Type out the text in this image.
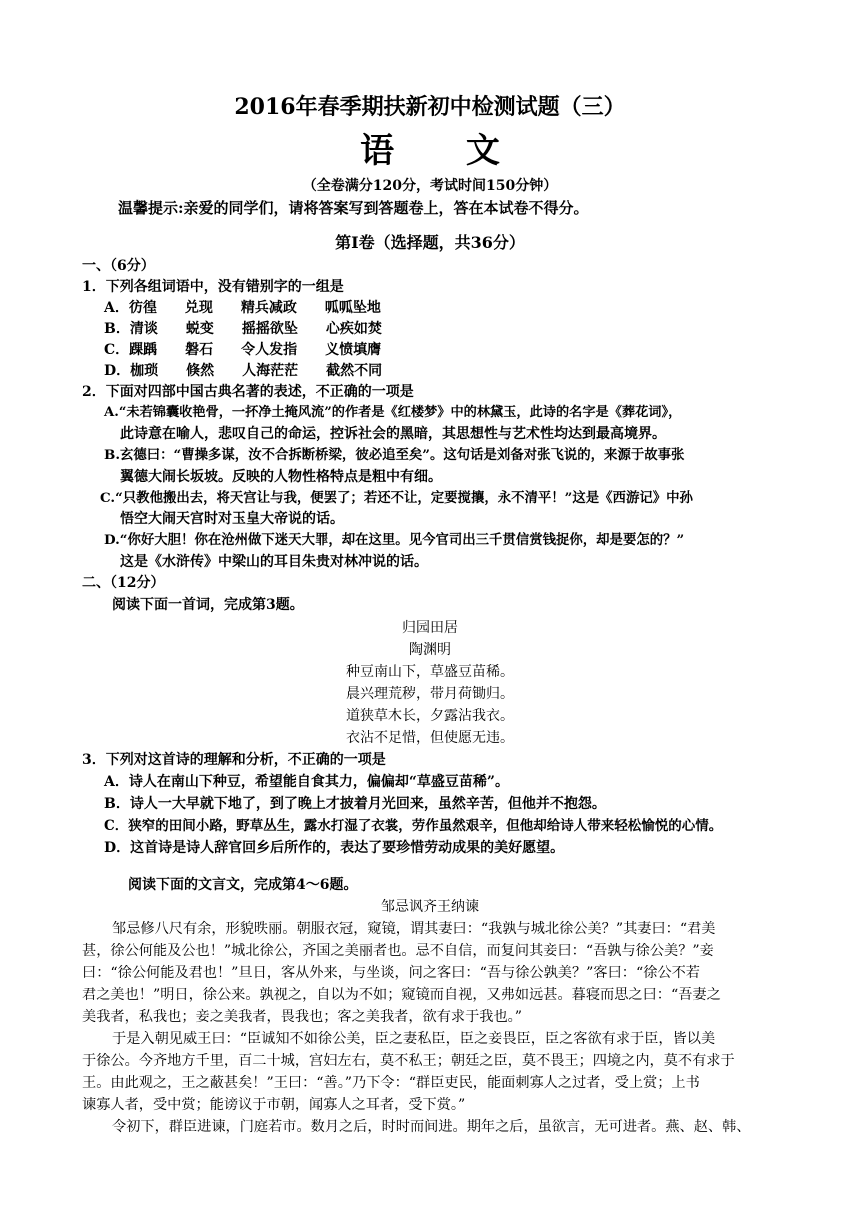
2016年春季期扶新初中检测试题（三）
语 文
（全卷满分120分，考试时间150分钟）
温馨提示:亲爱的同学们，请将答案写到答题卷上，答在本试卷不得分。
第I卷（选择题，共36分）
一、（6分）
1．下列各组词语中，没有错别字的一组是
A．彷徨　　兑现　　精兵减政　　呱呱坠地
B．清谈　　蜕变　　摇摇欲坠　　心疾如焚
C．踝踽　　磐石　　令人发指　　义愤填膺
D．枷琐　　倏然　　人海茫茫　　截然不同
2．下面对四部中国古典名著的表述，不正确的一项是
A.“未若锦囊收艳骨，一抔净土掩风流”的作者是《红楼梦》中的林黛玉，此诗的名字是《葬花词》，
此诗意在喻人，悲叹自己的命运，控诉社会的黑暗，其思想性与艺术性均达到最高境界。
B.玄德曰：“曹操多谋，汝不合拆断桥梁，彼必追至矣”。这句话是刘备对张飞说的，来源于故事张
翼德大闹长坂坡。反映的人物性格特点是粗中有细。
C.“只教他搬出去，将天宫让与我，便罢了；若还不让，定要搅攘，永不清平！”这是《西游记》中孙
悟空大闹天宫时对玉皇大帝说的话。
D.“你好大胆！你在沧州做下迷天大罪，却在这里。见今官司出三千贯信赏钱捉你，却是要怎的？”
这是《水浒传》中梁山的耳目朱贵对林冲说的话。
二、（12分）
阅读下面一首词，完成第3题。
归园田居
陶渊明
种豆南山下，草盛豆苗稀。
晨兴理荒秽，带月荷锄归。
道狭草木长，夕露沾我衣。
衣沾不足惜，但使愿无违。
3．下列对这首诗的理解和分析，不正确的一项是
A．诗人在南山下种豆，希望能自食其力，偏偏却“草盛豆苗稀”。
B．诗人一大早就下地了，到了晚上才披着月光回来，虽然辛苦，但他并不抱怨。
C．狭窄的田间小路，野草丛生，露水打湿了衣裳，劳作虽然艰辛，但他却给诗人带来轻松愉悦的心情。
D．这首诗是诗人辞官回乡后所作的，表达了要珍惜劳动成果的美好愿望。
阅读下面的文言文，完成第4～6题。
邹忌讽齐王纳谏
邹忌修八尺有余，形貌昳丽。朝服衣冠，窥镜，谓其妻曰：“我孰与城北徐公美？”其妻曰：“君美
甚，徐公何能及公也！”城北徐公，齐国之美丽者也。忌不自信，而复问其妾曰：“吾孰与徐公美？”妾
曰：“徐公何能及君也！”旦日，客从外来，与坐谈，问之客曰：“吾与徐公孰美？”客曰：“徐公不若
君之美也！”明日，徐公来。孰视之，自以为不如；窥镜而自视，又弗如远甚。暮寝而思之曰：“吾妻之
美我者，私我也；妾之美我者，畏我也；客之美我者，欲有求于我也。”
于是入朝见威王曰：“臣诚知不如徐公美，臣之妻私臣，臣之妾畏臣，臣之客欲有求于臣，皆以美
于徐公。今齐地方千里，百二十城，宫妇左右，莫不私王；朝廷之臣，莫不畏王；四境之内，莫不有求于
王。由此观之，王之蔽甚矣！”王曰：“善。”乃下令：“群臣吏民，能面刺寡人之过者，受上赏；上书
谏寡人者，受中赏；能谤议于市朝，闻寡人之耳者，受下赏。”
令初下，群臣进谏，门庭若市。数月之后，时时而间进。期年之后，虽欲言，无可进者。燕、赵、韩、
